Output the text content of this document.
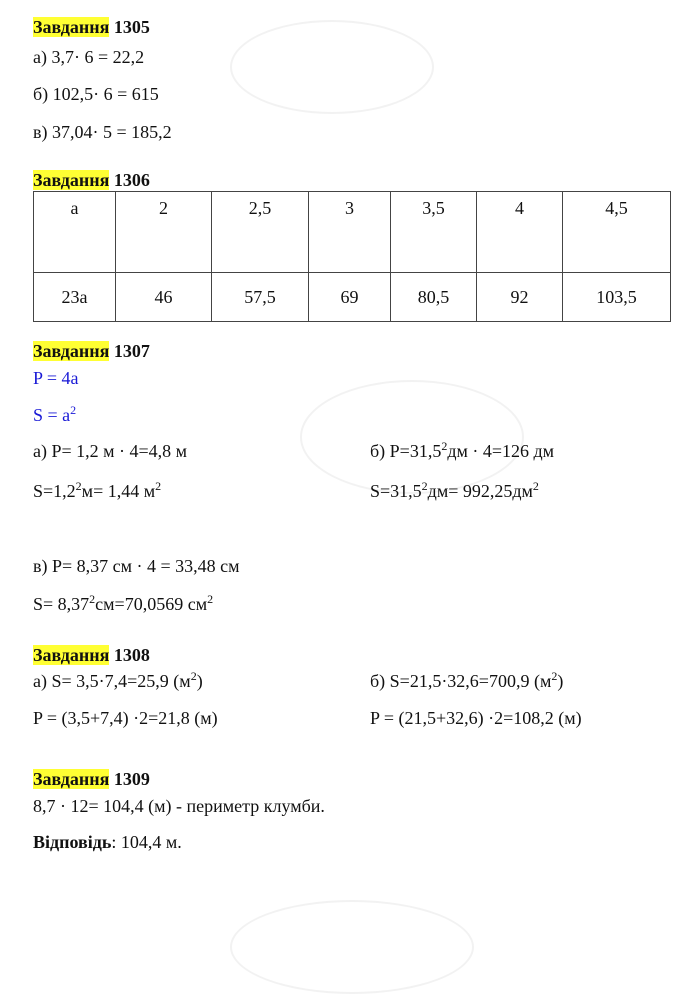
Завдання 1305
а) 3,7· 6 = 22,2
б) 102,5· 6 = 615
в) 37,04· 5 = 185,2
Завдання 1306
a	2	2,5	3	3,5	4	4,5
23a	46	57,5	69	80,5	92	103,5
Завдання 1307
P = 4a
$S = a^2$
а) P= 1,2 м · 4=4,8 м
$S=1,2^2м= 1,44$ $м^2$
б) $P=31,5^2дм \cdot 4=126$ дм
$S=31,5^2дм= 992,25дм^2$
в) P= 8,37 см · 4 = 33,48 см
$S= 8,37^2см=70,0569$ $см^2$
Завдання 1308
а) S= 3,5·7,4=25,9 $(м^2)$
P = (3,5+7,4) ·2=21,8 (м)
б) S=21,5·32,6=700,9 $(м^2)$
P = (21,5+32,6) ·2=108,2 (м)
Завдання 1309
8,7 · 12= 104,4 (м) - периметр клумби.
Відповідь: 104,4 м.
